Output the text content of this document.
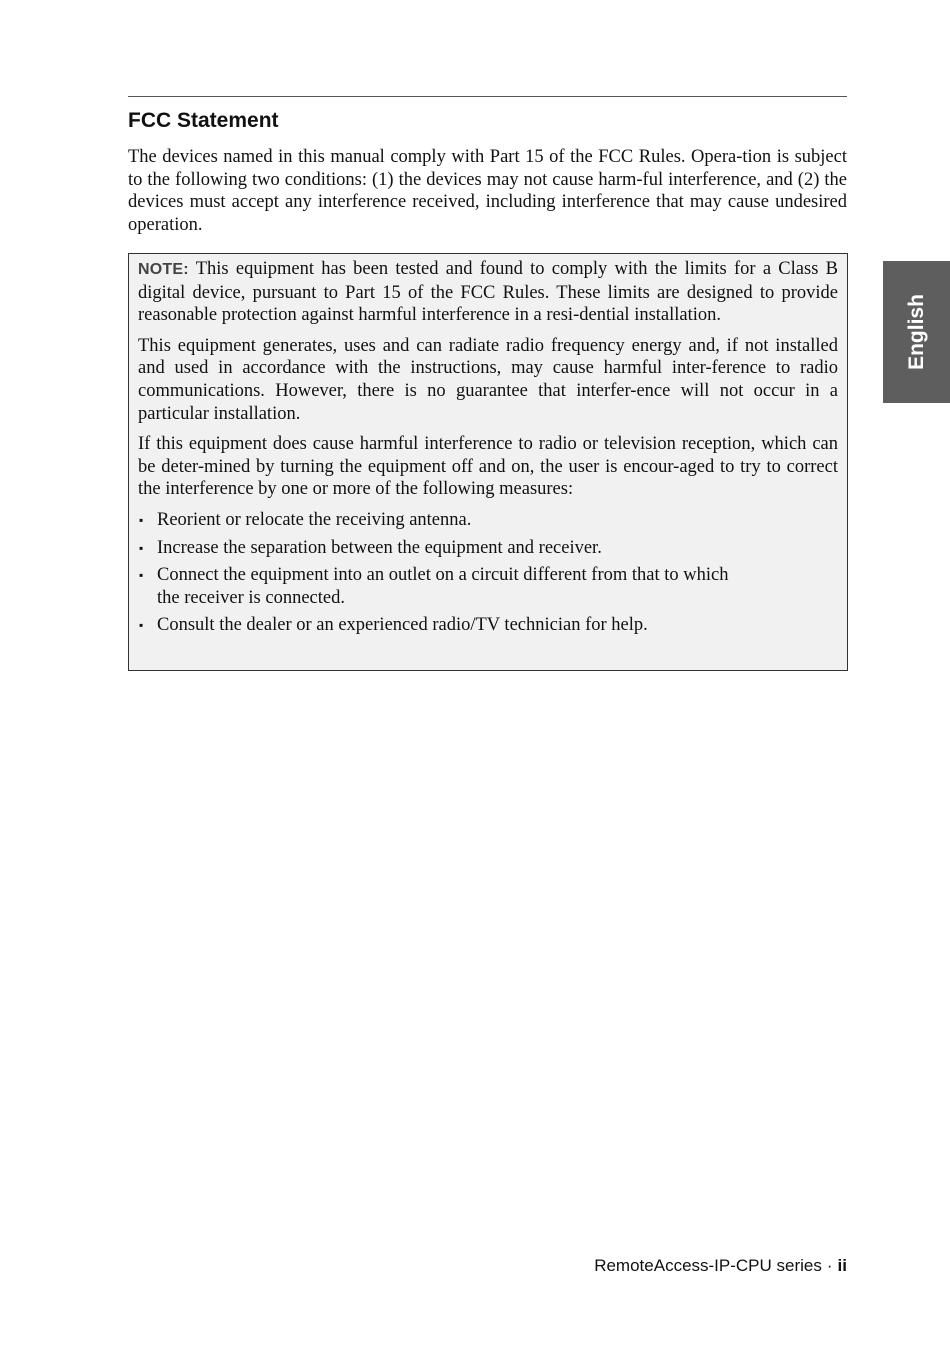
FCC Statement

The devices named in this manual comply with Part 15 of the FCC Rules. Opera-tion is subject to the following two conditions: (1) the devices may not cause harm-ful interference, and (2) the devices must accept any interference received, including interference that may cause undesired operation.

NOTE: This equipment has been tested and found to comply with the limits for a Class B digital device, pursuant to Part 15 of the FCC Rules. These limits are designed to provide reasonable protection against harmful interference in a resi-dential installation.

This equipment generates, uses and can radiate radio frequency energy and, if not installed and used in accordance with the instructions, may cause harmful inter-ference to radio communications. However, there is no guarantee that interfer-ence will not occur in a particular installation.

If this equipment does cause harmful interference to radio or television reception, which can be deter-mined by turning the equipment off and on, the user is encour-aged to try to correct the interference by one or more of the following measures:

▪ Reorient or relocate the receiving antenna.
▪ Increase the separation between the equipment and receiver.
▪ Connect the equipment into an outlet on a circuit different from that to which the receiver is connected.
▪ Consult the dealer or an experienced radio/TV technician for help.
English
RemoteAccess-IP-CPU series · ii
